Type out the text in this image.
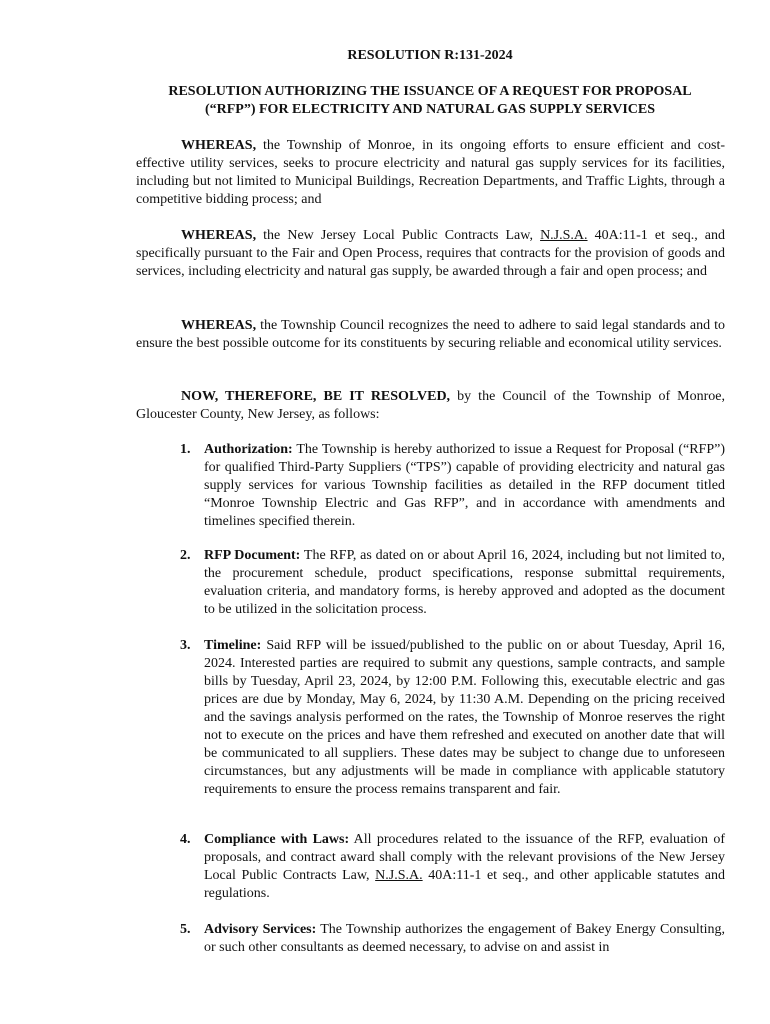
RESOLUTION R:131-2024

RESOLUTION AUTHORIZING THE ISSUANCE OF A REQUEST FOR PROPOSAL
(“RFP”) FOR ELECTRICITY AND NATURAL GAS SUPPLY SERVICES

WHEREAS, the Township of Monroe, in its ongoing efforts to ensure efficient and cost-effective utility services, seeks to procure electricity and natural gas supply services for its facilities, including but not limited to Municipal Buildings, Recreation Departments, and Traffic Lights, through a competitive bidding process; and

WHEREAS, the New Jersey Local Public Contracts Law, N.J.S.A. 40A:11-1 et seq., and specifically pursuant to the Fair and Open Process, requires that contracts for the provision of goods and services, including electricity and natural gas supply, be awarded through a fair and open process; and

WHEREAS, the Township Council recognizes the need to adhere to said legal standards and to ensure the best possible outcome for its constituents by securing reliable and economical utility services.

NOW, THEREFORE, BE IT RESOLVED, by the Council of the Township of Monroe, Gloucester County, New Jersey, as follows:

1. Authorization: The Township is hereby authorized to issue a Request for Proposal (“RFP”) for qualified Third-Party Suppliers (“TPS”) capable of providing electricity and natural gas supply services for various Township facilities as detailed in the RFP document titled “Monroe Township Electric and Gas RFP”, and in accordance with amendments and timelines specified therein.
2. RFP Document: The RFP, as dated on or about April 16, 2024, including but not limited to, the procurement schedule, product specifications, response submittal requirements, evaluation criteria, and mandatory forms, is hereby approved and adopted as the document to be utilized in the solicitation process.
3. Timeline: Said RFP will be issued/published to the public on or about Tuesday, April 16, 2024. Interested parties are required to submit any questions, sample contracts, and sample bills by Tuesday, April 23, 2024, by 12:00 P.M. Following this, executable electric and gas prices are due by Monday, May 6, 2024, by 11:30 A.M. Depending on the pricing received and the savings analysis performed on the rates, the Township of Monroe reserves the right not to execute on the prices and have them refreshed and executed on another date that will be communicated to all suppliers. These dates may be subject to change due to unforeseen circumstances, but any adjustments will be made in compliance with applicable statutory requirements to ensure the process remains transparent and fair.
4. Compliance with Laws: All procedures related to the issuance of the RFP, evaluation of proposals, and contract award shall comply with the relevant provisions of the New Jersey Local Public Contracts Law, N.J.S.A. 40A:11-1 et seq., and other applicable statutes and regulations.
5. Advisory Services: The Township authorizes the engagement of Bakey Energy Consulting, or such other consultants as deemed necessary, to advise on and assist in
